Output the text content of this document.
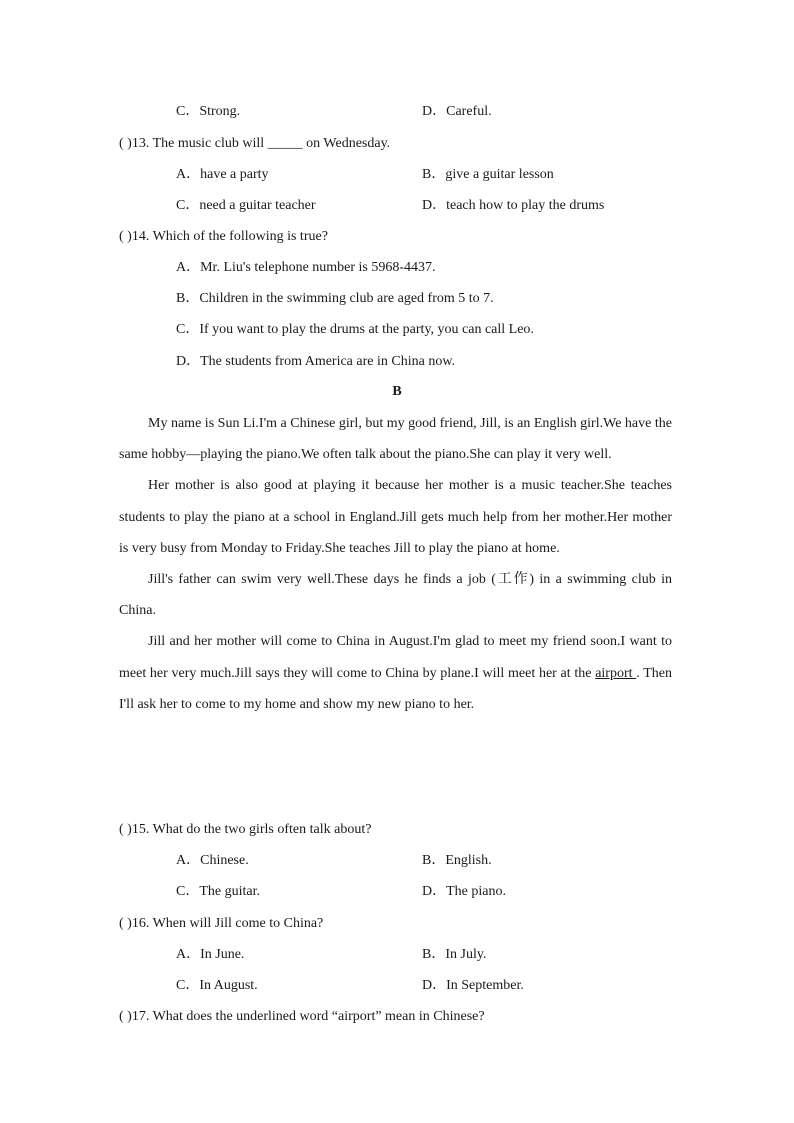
C．Strong.	D．Careful.
( )13. The music club will _____ on Wednesday.
A．have a party	B．give a guitar lesson
C．need a guitar teacher	D．teach how to play the drums
( )14. Which of the following is true?
A．Mr. Liu's telephone number is 5968-4437.
B．Children in the swimming club are aged from 5 to 7.
C．If you want to play the drums at the party, you can call Leo.
D．The students from America are in China now.
B

My name is Sun Li.I'm a Chinese girl, but my good friend, Jill, is an English girl.We have the same hobby—playing the piano.We often talk about the piano.She can play it very well.

Her mother is also good at playing it because her mother is a music teacher.She teaches students to play the piano at a school in England.Jill gets much help from her mother.Her mother is very busy from Monday to Friday.She teaches Jill to play the piano at home.

Jill's father can swim very well.These days he finds a job (工作) in a swimming club in China.

Jill and her mother will come to China in August.I'm glad to meet my friend soon.I want to meet her very much.Jill says they will come to China by plane.I will meet her at the airport . Then I'll ask her to come to my home and show my new piano to her.

( )15. What do the two girls often talk about?
A．Chinese.	B．English.
C．The guitar.	D．The piano.
( )16. When will Jill come to China?
A．In June.	B．In July.
C．In August.	D．In September.
( )17. What does the underlined word “airport” mean in Chinese?
